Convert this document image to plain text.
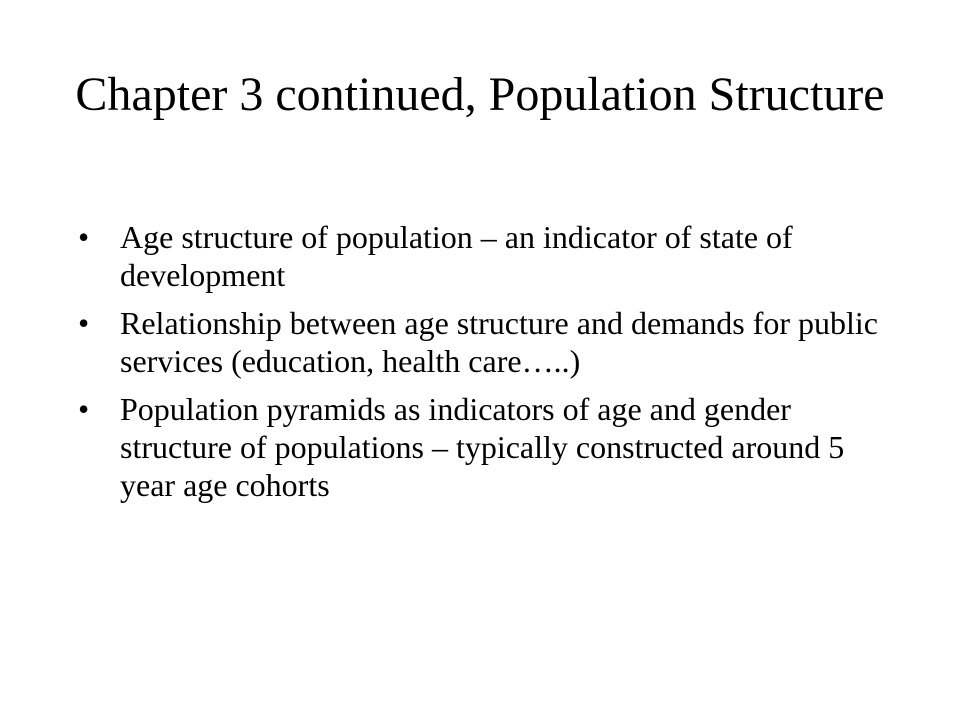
Chapter 3 continued, Population Structure
• Age structure of population – an indicator of state of development
• Relationship between age structure and demands for public services (education, health care…..)
• Population pyramids as indicators of age and gender structure of populations – typically constructed around 5 year age cohorts
